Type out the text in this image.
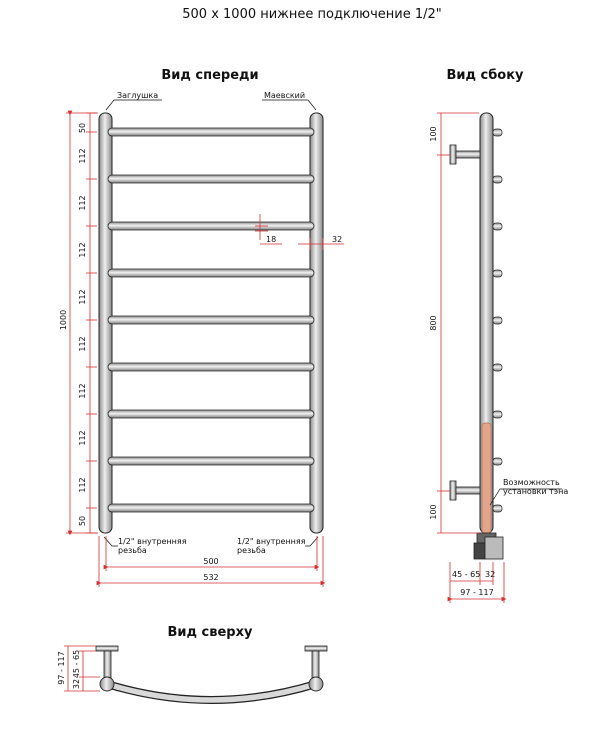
500 x 1000 нижнее подключение 1/2"
Вид спереди	Вид сбоку
Вид сверху
Заглушка	Маевский
1/2" внутренняя
резьба
1/2" внутренняя
резьба
50
112
112
112
112
112
112
112
112
50
1000
18	32
500
532
100
800
100
Возможность
установки тэна
45 - 65 32
97 - 117
97 - 117 45 - 65
32
